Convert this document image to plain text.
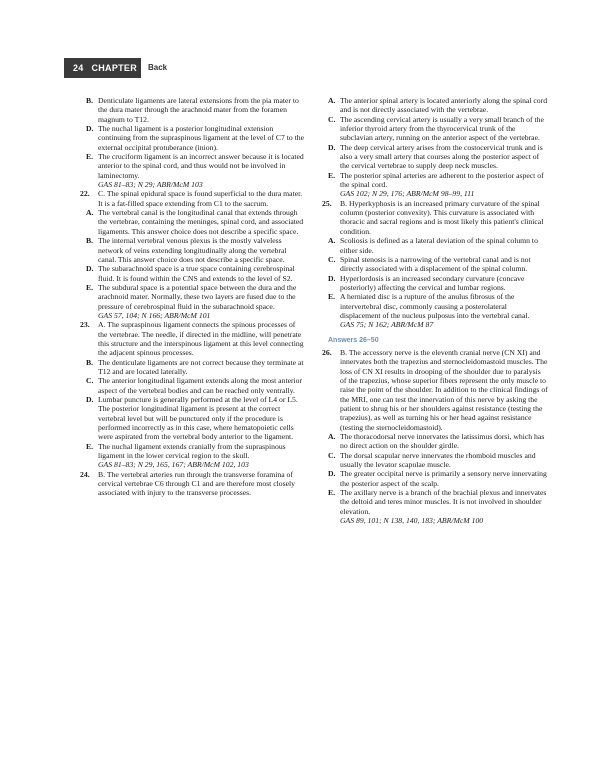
24 CHAPTER 1
Back
B. Denticulate ligaments are lateral extensions from the pia mater to the dura mater through the arachnoid mater from the foramen magnum to T12.
D. The nuchal ligament is a posterior longitudinal extension continuing from the supraspinous ligament at the level of C7 to the external occipital protuberance (inion).
E. The cruciform ligament is an incorrect answer because it is located anterior to the spinal cord, and thus would not be involved in laminectomy.
GAS 81–83; N 29; ABR/McM 103
22. C. The spinal epidural space is found superficial to the dura mater. It is a fat-filled space extending from C1 to the sacrum.
A. The vertebral canal is the longitudinal canal that extends through the vertebrae, containing the meninges, spinal cord, and associated ligaments. This answer choice does not describe a specific space.
B. The internal vertebral venous plexus is the mostly valveless network of veins extending longitudinally along the vertebral canal. This answer choice does not describe a specific space.
D. The subarachnoid space is a true space containing cerebrospinal fluid. It is found within the CNS and extends to the level of S2.
E. The subdural space is a potential space between the dura and the arachnoid mater. Normally, these two layers are fused due to the pressure of cerebrospinal fluid in the subarachnoid space.
GAS 57, 104; N 166; ABR/McM 101
23. A. The supraspinous ligament connects the spinous processes of the vertebrae. The needle, if directed in the midline, will penetrate this structure and the interspinous ligament at this level connecting the adjacent spinous processes.
B. The denticulate ligaments are not correct because they terminate at T12 and are located laterally.
C. The anterior longitudinal ligament extends along the most anterior aspect of the vertebral bodies and can be reached only ventrally.
D. Lumbar puncture is generally performed at the level of L4 or L5. The posterior longitudinal ligament is present at the correct vertebral level but will be punctured only if the procedure is performed incorrectly as in this case, where hematopoietic cells were aspirated from the vertebral body anterior to the ligament.
E. The nuchal ligament extends cranially from the supraspinous ligament in the lower cervical region to the skull.
GAS 81–83; N 29, 165, 167; ABR/McM 102, 103
24. B. The vertebral arteries run through the transverse foramina of cervical vertebrae C6 through C1 and are therefore most closely associated with injury to the transverse processes.
A. The anterior spinal artery is located anteriorly along the spinal cord and is not directly associated with the vertebrae.
C. The ascending cervical artery is usually a very small branch of the inferior thyroid artery from the thyrocervical trunk of the subclavian artery, running on the anterior aspect of the vertebrae.
D. The deep cervical artery arises from the costocervical trunk and is also a very small artery that courses along the posterior aspect of the cervical vertebrae to supply deep neck muscles.
E. The posterior spinal arteries are adherent to the posterior aspect of the spinal cord.
GAS 102; N 29, 176; ABR/McM 98–99, 111
25. B. Hyperkyphosis is an increased primary curvature of the spinal column (posterior convexity). This curvature is associated with thoracic and sacral regions and is most likely this patient's clinical condition.
A. Scoliosis is defined as a lateral deviation of the spinal column to either side.
C. Spinal stenosis is a narrowing of the vertebral canal and is not directly associated with a displacement of the spinal column.
D. Hyperlordosis is an increased secondary curvature (concave posteriorly) affecting the cervical and lumbar regions.
E. A herniated disc is a rupture of the anulus fibrosus of the intervertebral disc, commonly causing a posterolateral displacement of the nucleus pulposus into the vertebral canal.
GAS 75; N 162; ABR/McM 87
Answers 26–50
26. B. The accessory nerve is the eleventh cranial nerve (CN XI) and innervates both the trapezius and sternocleidomastoid muscles. The loss of CN XI results in drooping of the shoulder due to paralysis of the trapezius, whose superior fibers represent the only muscle to raise the point of the shoulder. In addition to the clinical findings of the MRI, one can test the innervation of this nerve by asking the patient to shrug his or her shoulders against resistance (testing the trapezius), as well as turning his or her head against resistance (testing the sternocleidomastoid).
A. The thoracodorsal nerve innervates the latissimus dorsi, which has no direct action on the shoulder girdle.
C. The dorsal scapular nerve innervates the rhomboid muscles and usually the levator scapulae muscle.
D. The greater occipital nerve is primarily a sensory nerve innervating the posterior aspect of the scalp.
E. The axillary nerve is a branch of the brachial plexus and innervates the deltoid and teres minor muscles. It is not involved in shoulder elevation.
GAS 89, 101; N 138, 140, 183; ABR/McM 100
